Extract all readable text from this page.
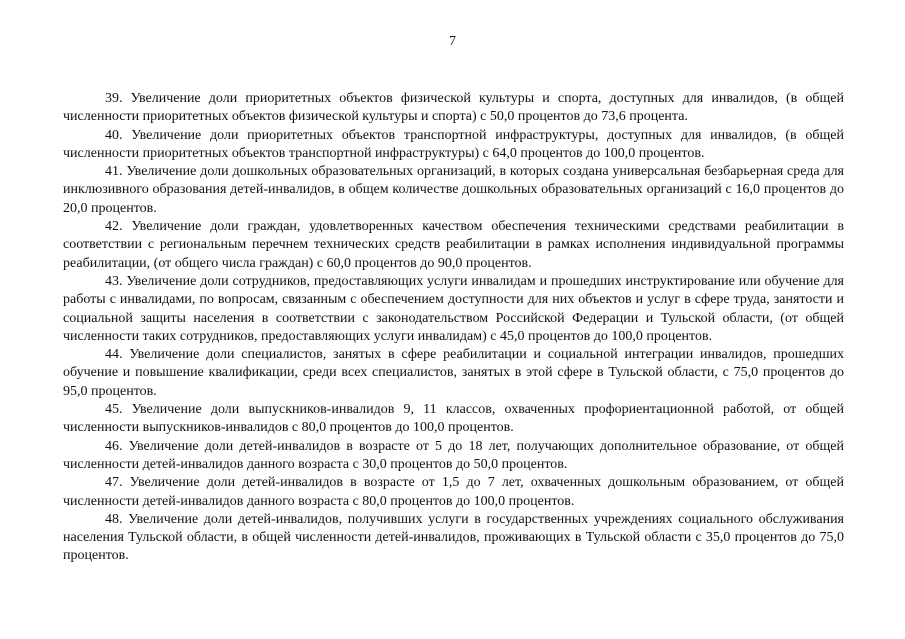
7

39. Увеличение доли приоритетных объектов физической культуры и спорта, доступных для инвалидов, (в общей численности приоритетных объектов физической культуры и спорта) с 50,0 процентов до 73,6 процента.

40. Увеличение доли приоритетных объектов транспортной инфраструктуры, доступных для инвалидов, (в общей численности приоритетных объектов транспортной инфраструктуры) с 64,0 процентов до 100,0 процентов.

41. Увеличение доли дошкольных образовательных организаций, в которых создана универсальная безбарьерная среда для инклюзивного образования детей-инвалидов, в общем количестве дошкольных образовательных организаций с 16,0 процентов до 20,0 процентов.

42. Увеличение доли граждан, удовлетворенных качеством обеспечения техническими средствами реабилитации в соответствии с региональным перечнем технических средств реабилитации в рамках исполнения индивидуальной программы реабилитации, (от общего числа граждан) с 60,0 процентов до 90,0 процентов.

43. Увеличение доли сотрудников, предоставляющих услуги инвалидам и прошедших инструктирование или обучение для работы с инвалидами, по вопросам, связанным с обеспечением доступности для них объектов и услуг в сфере труда, занятости и социальной защиты населения в соответствии с законодательством Российской Федерации и Тульской области, (от общей численности таких сотрудников, предоставляющих услуги инвалидам) с 45,0 процентов до 100,0 процентов.

44. Увеличение доли специалистов, занятых в сфере реабилитации и социальной интеграции инвалидов, прошедших обучение и повышение квалификации, среди всех специалистов, занятых в этой сфере в Тульской области, с 75,0 процентов до 95,0 процентов.

45. Увеличение доли выпускников-инвалидов 9, 11 классов, охваченных профориентационной работой, от общей численности выпускников-инвалидов с 80,0 процентов до 100,0 процентов.

46. Увеличение доли детей-инвалидов в возрасте от 5 до 18 лет, получающих дополнительное образование, от общей численности детей-инвалидов данного возраста с 30,0 процентов до 50,0 процентов.

47. Увеличение доли детей-инвалидов в возрасте от 1,5 до 7 лет, охваченных дошкольным образованием, от общей численности детей-инвалидов данного возраста с 80,0 процентов до 100,0 процентов.

48. Увеличение доли детей-инвалидов, получивших услуги в государственных учреждениях социального обслуживания населения Тульской области, в общей численности детей-инвалидов, проживающих в Тульской области с 35,0 процентов до 75,0 процентов.
